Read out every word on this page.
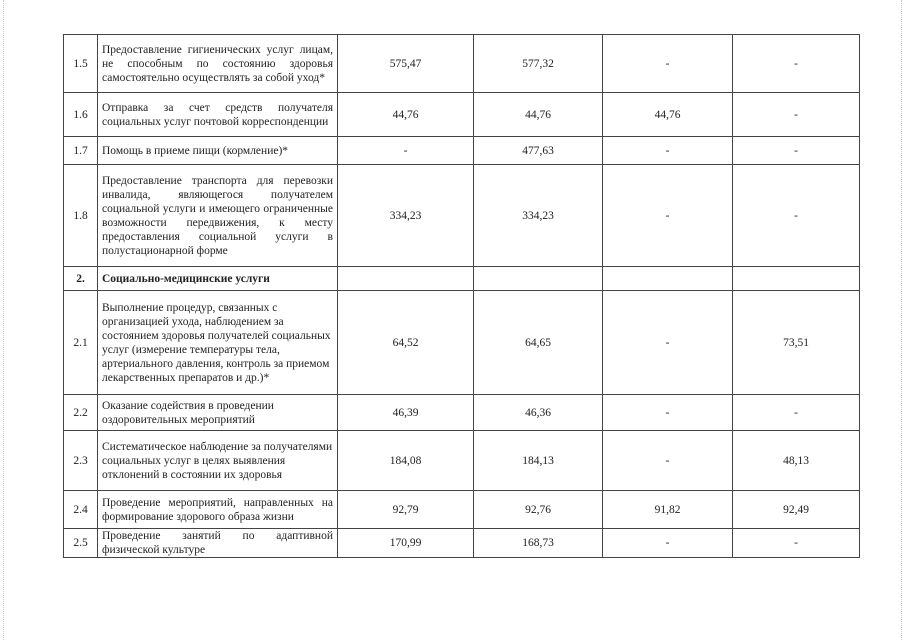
1.5	Предоставление гигиенических услуг лицам, не способным по состоянию здоровья самостоятельно осуществлять за собой уход*	575,47	577,32	-	-
1.6	Отправка за счет средств получателя социальных услуг почтовой корреспонденции	44,76	44,76	44,76	-
1.7	Помощь в приеме пищи (кормление)*	-	477,63	-	-
1.8	Предоставление транспорта для перевозки инвалида, являющегося получателем социальной услуги и имеющего ограниченные возможности передвижения, к месту предоставления социальной услуги в полустационарной форме	334,23	334,23	-	-
2.	Социально-медицинские услуги				
2.1	Выполнение процедур, связанных с организацией ухода, наблюдением за состоянием здоровья получателей социальных услуг (измерение температуры тела, артериального давления, контроль за приемом лекарственных препаратов и др.)*	64,52	64,65	-	73,51
2.2	Оказание содействия в проведении оздоровительных мероприятий	46,39	46,36	-	-
2.3	Систематическое наблюдение за получателями социальных услуг в целях выявления отклонений в состоянии их здоровья	184,08	184,13	-	48,13
2.4	Проведение мероприятий, направленных на формирование здорового образа жизни	92,79	92,76	91,82	92,49
2.5	Проведение занятий по адаптивной физической культуре	170,99	168,73	-	-
